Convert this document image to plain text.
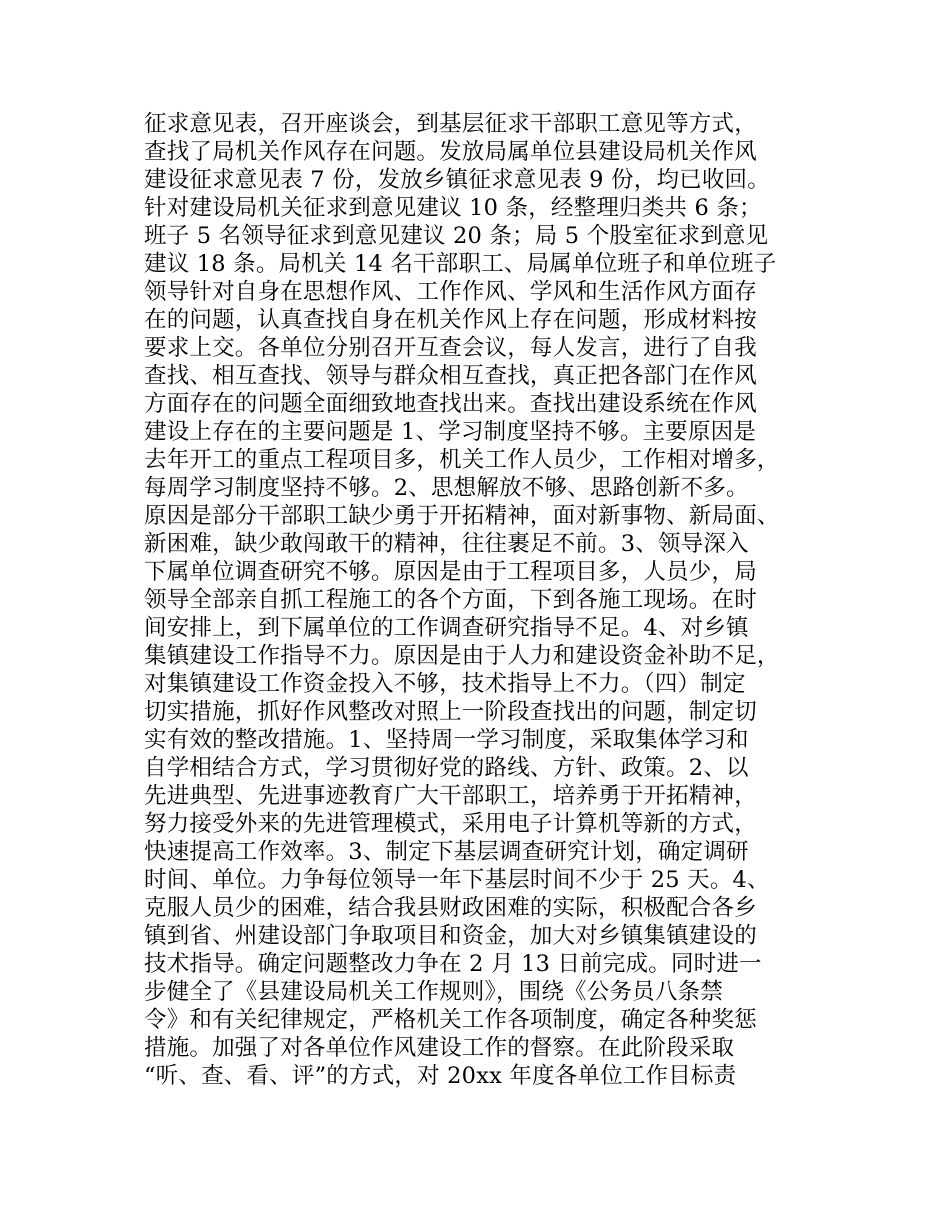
征求意见表，召开座谈会，到基层征求干部职工意见等方式，
查找了局机关作风存在问题。发放局属单位县建设局机关作风
建设征求意见表 7 份，发放乡镇征求意见表 9 份，均已收回。
针对建设局机关征求到意见建议 10 条，经整理归类共 6 条；
班子 5 名领导征求到意见建议 20 条；局 5 个股室征求到意见
建议 18 条。局机关 14 名干部职工、局属单位班子和单位班子
领导针对自身在思想作风、工作作风、学风和生活作风方面存
在的问题，认真查找自身在机关作风上存在问题，形成材料按
要求上交。各单位分别召开互查会议，每人发言，进行了自我
查找、相互查找、领导与群众相互查找，真正把各部门在作风
方面存在的问题全面细致地查找出来。查找出建设系统在作风
建设上存在的主要问题是 1、学习制度坚持不够。主要原因是
去年开工的重点工程项目多，机关工作人员少，工作相对增多，
每周学习制度坚持不够。2、思想解放不够、思路创新不多。
原因是部分干部职工缺少勇于开拓精神，面对新事物、新局面、
新困难，缺少敢闯敢干的精神，往往裹足不前。3、领导深入
下属单位调查研究不够。原因是由于工程项目多，人员少，局
领导全部亲自抓工程施工的各个方面，下到各施工现场。在时
间安排上，到下属单位的工作调查研究指导不足。4、对乡镇
集镇建设工作指导不力。原因是由于人力和建设资金补助不足，
对集镇建设工作资金投入不够，技术指导上不力。（四）制定
切实措施，抓好作风整改对照上一阶段查找出的问题，制定切
实有效的整改措施。1、坚持周一学习制度，采取集体学习和
自学相结合方式，学习贯彻好党的路线、方针、政策。2、以
先进典型、先进事迹教育广大干部职工，培养勇于开拓精神，
努力接受外来的先进管理模式，采用电子计算机等新的方式，
快速提高工作效率。3、制定下基层调查研究计划，确定调研
时间、单位。力争每位领导一年下基层时间不少于 25 天。4、
克服人员少的困难，结合我县财政困难的实际，积极配合各乡
镇到省、州建设部门争取项目和资金，加大对乡镇集镇建设的
技术指导。确定问题整改力争在 2 月 13 日前完成。同时进一
步健全了《县建设局机关工作规则》，围绕《公务员八条禁
令》和有关纪律规定，严格机关工作各项制度，确定各种奖惩
措施。加强了对各单位作风建设工作的督察。在此阶段采取
“听、查、看、评”的方式，对 20xx 年度各单位工作目标责
